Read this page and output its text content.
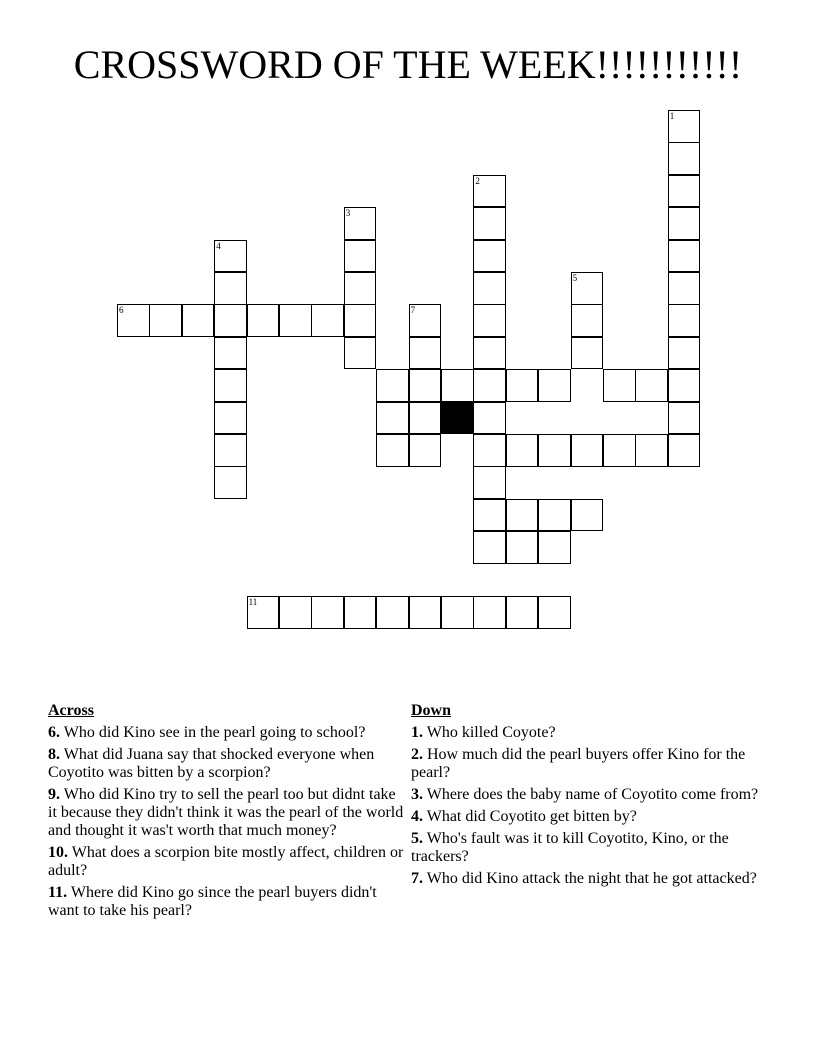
CROSSWORD OF THE WEEK!!!!!!!!!!!
1
2
3
4
5
7
6
11
Across
6. Who did Kino see in the pearl going to school?
8. What did Juana say that shocked everyone when Coyotito was bitten by a scorpion?
9. Who did Kino try to sell the pearl too but didnt take it because they didn't think it was the pearl of the world and thought it was't worth that much money?
10. What does a scorpion bite mostly affect, children or adult?
11. Where did Kino go since the pearl buyers didn't want to take his pearl?
Down
1. Who killed Coyote?
2. How much did the pearl buyers offer Kino for the pearl?
3. Where does the baby name of Coyotito come from?
4. What did Coyotito get bitten by?
5. Who's fault was it to kill Coyotito, Kino, or the trackers?
7. Who did Kino attack the night that he got attacked?
